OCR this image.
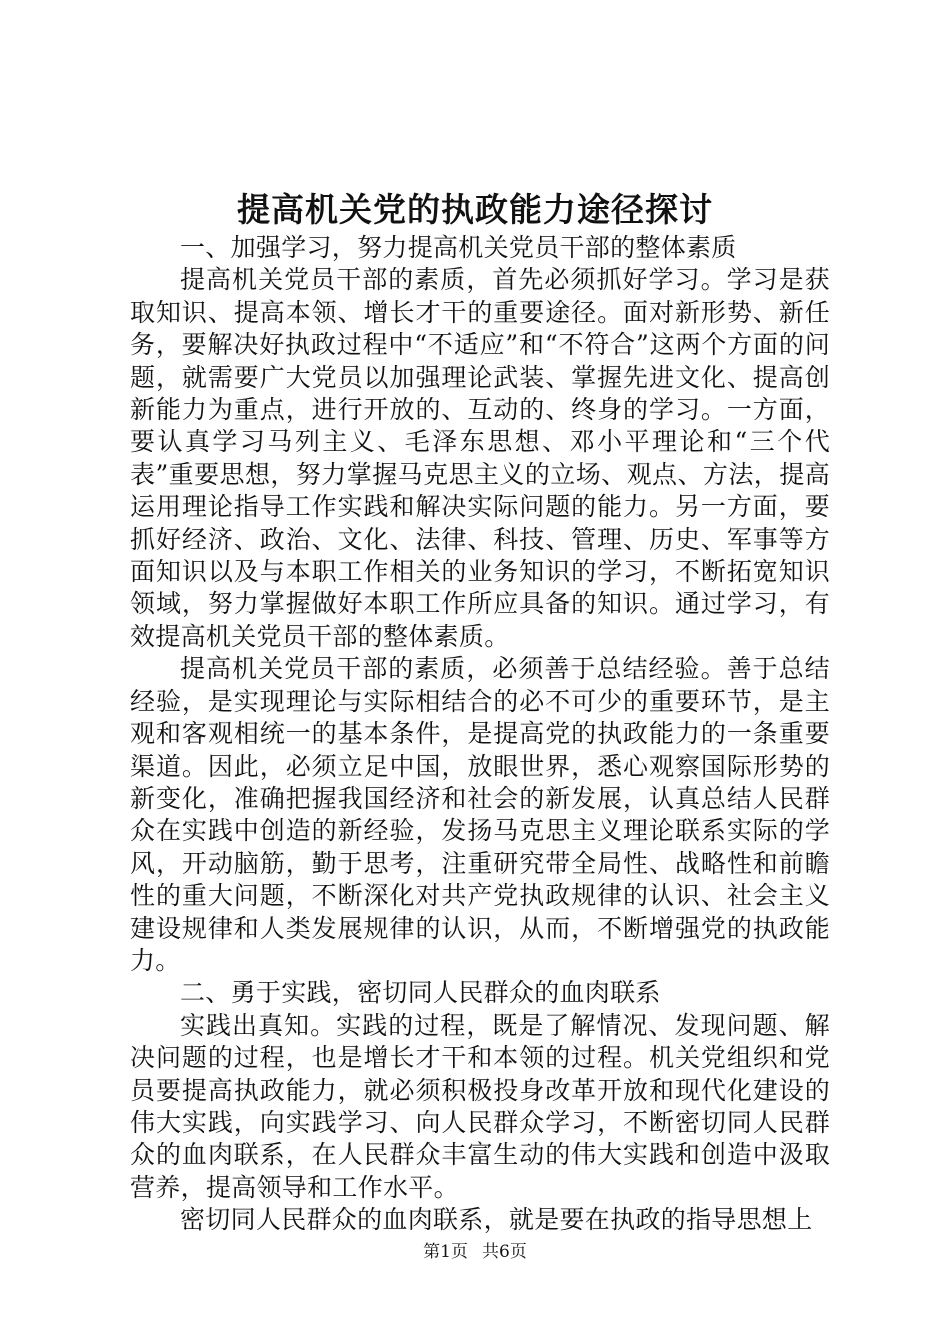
提高机关党的执政能力途径探讨

一、加强学习，努力提高机关党员干部的整体素质

提高机关党员干部的素质，首先必须抓好学习。学习是获取知识、提高本领、增长才干的重要途径。面对新形势、新任务，要解决好执政过程中“不适应”和“不符合”这两个方面的问题，就需要广大党员以加强理论武装、掌握先进文化、提高创新能力为重点，进行开放的、互动的、终身的学习。一方面，要认真学习马列主义、毛泽东思想、邓小平理论和“三个代表”重要思想，努力掌握马克思主义的立场、观点、方法，提高运用理论指导工作实践和解决实际问题的能力。另一方面，要抓好经济、政治、文化、法律、科技、管理、历史、军事等方面知识以及与本职工作相关的业务知识的学习，不断拓宽知识领域，努力掌握做好本职工作所应具备的知识。通过学习，有效提高机关党员干部的整体素质。

提高机关党员干部的素质，必须善于总结经验。善于总结经验，是实现理论与实际相结合的必不可少的重要环节，是主观和客观相统一的基本条件，是提高党的执政能力的一条重要渠道。因此，必须立足中国，放眼世界，悉心观察国际形势的新变化，准确把握我国经济和社会的新发展，认真总结人民群众在实践中创造的新经验，发扬马克思主义理论联系实际的学风，开动脑筋，勤于思考，注重研究带全局性、战略性和前瞻性的重大问题，不断深化对共产党执政规律的认识、社会主义建设规律和人类发展规律的认识，从而，不断增强党的执政能力。

二、勇于实践，密切同人民群众的血肉联系

实践出真知。实践的过程，既是了解情况、发现问题、解决问题的过程，也是增长才干和本领的过程。机关党组织和党员要提高执政能力，就必须积极投身改革开放和现代化建设的伟大实践，向实践学习、向人民群众学习，不断密切同人民群众的血肉联系，在人民群众丰富生动的伟大实践和创造中汲取营养，提高领导和工作水平。

密切同人民群众的血肉联系，就是要在执政的指导思想上

第1页 共6页
